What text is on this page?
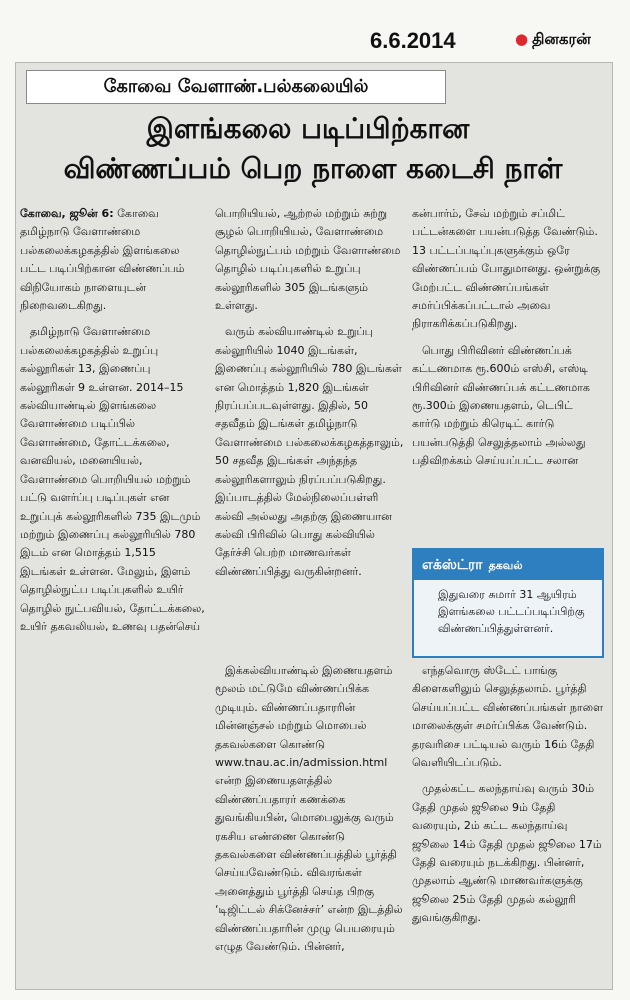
6.6.2014	● தினகரன்
கோவை வேளாண்.பல்கலையில்
இளங்கலை படிப்பிற்கான
விண்ணப்பம் பெற நாளை கடைசி நாள்

கோவை, ஜூன் 6: கோவை தமிழ்நாடு வேளாண்மை பல்கலைக்கழகத்தில் இளங்கலை பட்ட படிப்பிற்கான விண்ணப்பம் விநியோகம் நாளையுடன் நிறைவடைகிறது.

தமிழ்நாடு வேளாண்மை பல்கலைக்கழகத்தில் உறுப்பு கல்லூரிகள் 13, இணைப்பு கல்லூரிகள் 9 உள்ளன. 2014–15 கல்வியாண்டில் இளங்கலை வேளாண்மை படிப்பில் வேளாண்மை, தோட்டக்கலை, வனவியல், மனையியல், வேளாண்மை பொறியியல் மற்றும் பட்டு வளர்ப்பு படிப்புகள் என உறுப்புக் கல்லூரிகளில் 735 இடமும் மற்றும் இணைப்பு கல்லூரியில் 780 இடம் என மொத்தம் 1,515 இடங்கள் உள்ளன. மேலும், இளம் தொழில்நுட்ப படிப்புகளில் உயிர் தொழில் நுட்பவியல், தோட்டக்கலை, உயிர் தகவலியல், உணவு பதன்செய்

பொறியியல், ஆற்றல் மற்றும் சுற்று சூழல் பொறியியல், வேளாண்மை தொழில்நுட்பம் மற்றும் வேளாண்மை தொழில் படிப்புகளில் உறுப்பு கல்லூரிகளில் 305 இடங்களும் உள்ளது.

வரும் கல்வியாண்டில் உறுப்பு கல்லூரியில் 1040 இடங்கள், இணைப்பு கல்லூரியில் 780 இடங்கள் என மொத்தம் 1,820 இடங்கள் நிரப்பப்படவுள்ளது. இதில், 50 சதவீதம் இடங்கள் தமிழ்நாடு வேளாண்மை பல்கலைக்கழகத்தாலும், 50 சதவீத இடங்கள் அந்தந்த கல்லூரிகளாலும் நிரப்பப்படுகிறது. இப்பாடத்தில் மேல்நிலைப்பள்ளி கல்வி அல்லது அதற்கு இணையான கல்வி பிரிவில் பொது கல்வியில் தேர்ச்சி பெற்ற மாணவர்கள் விண்ணப்பித்து வருகின்றனர்.

இக்கல்வியாண்டில் இணையதளம் மூலம் மட்டுமே விண்ணப்பிக்க முடியும். விண்ணப்பதாரரின் மின்னஞ்சல் மற்றும் மொபைல் தகவல்களை கொண்டு www.tnau.ac.in/admission.html என்ற இணையதளத்தில் விண்ணப்பதாரர் கணக்கை துவங்கியபின், மொபைலுக்கு வரும் ரகசிய எண்ணை கொண்டு தகவல்களை விண்ணப்பத்தில் பூர்த்தி செய்யவேண்டும். விவரங்கள் அனைத்தும் பூர்த்தி செய்த பிறகு ‘டிஜிட்டல் சிக்னேச்சர்’ என்ற இடத்தில் விண்ணப்பதாரின் முழு பெயரையும் எழுத வேண்டும். பின்னர்,

கன்பார்ம், சேவ் மற்றும் சப்மிட் பட்டன்களை பயன்படுத்த வேண்டும். 13 பட்டப்படிப்புகளுக்கும் ஒரே விண்ணப்பம் போதுமானது. ஒன்றுக்கு மேற்பட்ட விண்ணப்பங்கள் சமர்ப்பிக்கப்பட்டால் அவை நிராகரிக்கப்படுகிறது.

பொது பிரிவினர் விண்ணப்பக் கட்டணமாக ரூ.600ம் எஸ்சி, எஸ்டி பிரிவினர் விண்ணப்பக் கட்டணமாக ரூ.300ம் இணையதளம், டெபிட் கார்டு மற்றும் கிரெடிட் கார்டு பயன்படுத்தி செலுத்தலாம் அல்லது பதிவிறக்கம் செய்யப்பட்ட சலான

எக்ஸ்ட்ரா தகவல்
இதுவரை சுமார் 31 ஆயிரம் இளங்கலை பட்டப்படிப்பிற்கு விண்ணப்பித்துள்ளனர்.

எந்தவொரு ஸ்டேட் பாங்கு கிளைகளிலும் செலுத்தலாம். பூர்த்தி செய்யப்பட்ட விண்ணப்பங்கள் நாளை மாலைக்குள் சமர்ப்பிக்க வேண்டும். தரவரிசை பட்டியல் வரும் 16ம் தேதி வெளியிடப்படும்.

முதல்கட்ட கலந்தாய்வு வரும் 30ம் தேதி முதல் ஜூலை 9ம் தேதி வரையும், 2ம் கட்ட கலந்தாய்வு ஜூலை 14ம் தேதி முதல் ஜூலை 17ம் தேதி வரையும் நடக்கிறது. பின்னர், முதலாம் ஆண்டு மாணவர்களுக்கு ஜூலை 25ம் தேதி முதல் கல்லூரி துவங்குகிறது.
